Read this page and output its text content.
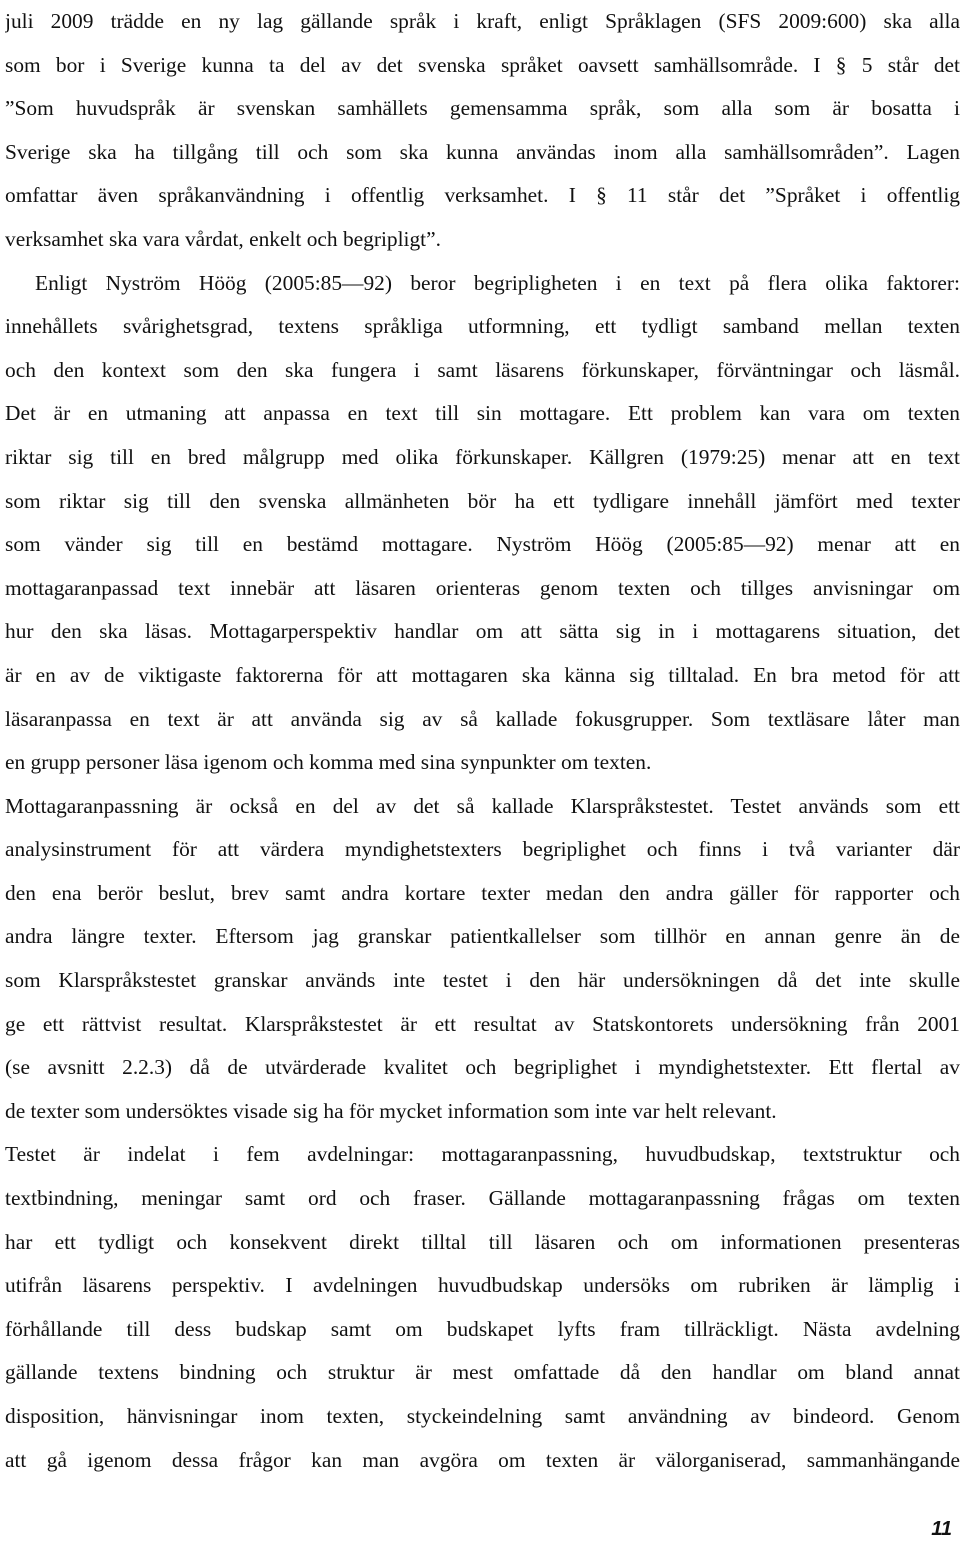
juli 2009 trädde en ny lag gällande språk i kraft, enligt Språklagen (SFS 2009:600) ska alla
som bor i Sverige kunna ta del av det svenska språket oavsett samhällsområde. I § 5 står det
”Som huvudspråk är svenskan samhällets gemensamma språk, som alla som är bosatta i
Sverige ska ha tillgång till och som ska kunna användas inom alla samhällsområden”. Lagen
omfattar även språkanvändning i offentlig verksamhet. I § 11 står det ”Språket i offentlig
verksamhet ska vara vårdat, enkelt och begripligt”.
Enligt Nyström Höög (2005:85—92) beror begripligheten i en text på flera olika faktorer:
innehållets svårighetsgrad, textens språkliga utformning, ett tydligt samband mellan texten
och den kontext som den ska fungera i samt läsarens förkunskaper, förväntningar och läsmål.
Det är en utmaning att anpassa en text till sin mottagare. Ett problem kan vara om texten
riktar sig till en bred målgrupp med olika förkunskaper. Källgren (1979:25) menar att en text
som riktar sig till den svenska allmänheten bör ha ett tydligare innehåll jämfört med texter
som vänder sig till en bestämd mottagare. Nyström Höög (2005:85—92) menar att en
mottagaranpassad text innebär att läsaren orienteras genom texten och tillges anvisningar om
hur den ska läsas. Mottagarperspektiv handlar om att sätta sig in i mottagarens situation, det
är en av de viktigaste faktorerna för att mottagaren ska känna sig tilltalad. En bra metod för att
läsaranpassa en text är att använda sig av så kallade fokusgrupper. Som textläsare låter man
en grupp personer läsa igenom och komma med sina synpunkter om texten.
Mottagaranpassning är också en del av det så kallade Klarspråkstestet. Testet används som ett
analysinstrument för att värdera myndighetstexters begriplighet och finns i två varianter där
den ena berör beslut, brev samt andra kortare texter medan den andra gäller för rapporter och
andra längre texter. Eftersom jag granskar patientkallelser som tillhör en annan genre än de
som Klarspråkstestet granskar används inte testet i den här undersökningen då det inte skulle
ge ett rättvist resultat. Klarspråkstestet är ett resultat av Statskontorets undersökning från 2001
(se avsnitt 2.2.3) då de utvärderade kvalitet och begriplighet i myndighetstexter. Ett flertal av
de texter som undersöktes visade sig ha för mycket information som inte var helt relevant.
Testet är indelat i fem avdelningar: mottagaranpassning, huvudbudskap, textstruktur och
textbindning, meningar samt ord och fraser. Gällande mottagaranpassning frågas om texten
har ett tydligt och konsekvent direkt tilltal till läsaren och om informationen presenteras
utifrån läsarens perspektiv. I avdelningen huvudbudskap undersöks om rubriken är lämplig i
förhållande till dess budskap samt om budskapet lyfts fram tillräckligt. Nästa avdelning
gällande textens bindning och struktur är mest omfattade då den handlar om bland annat
disposition, hänvisningar inom texten, styckeindelning samt användning av bindeord. Genom
att gå igenom dessa frågor kan man avgöra om texten är välorganiserad, sammanhängande
11
